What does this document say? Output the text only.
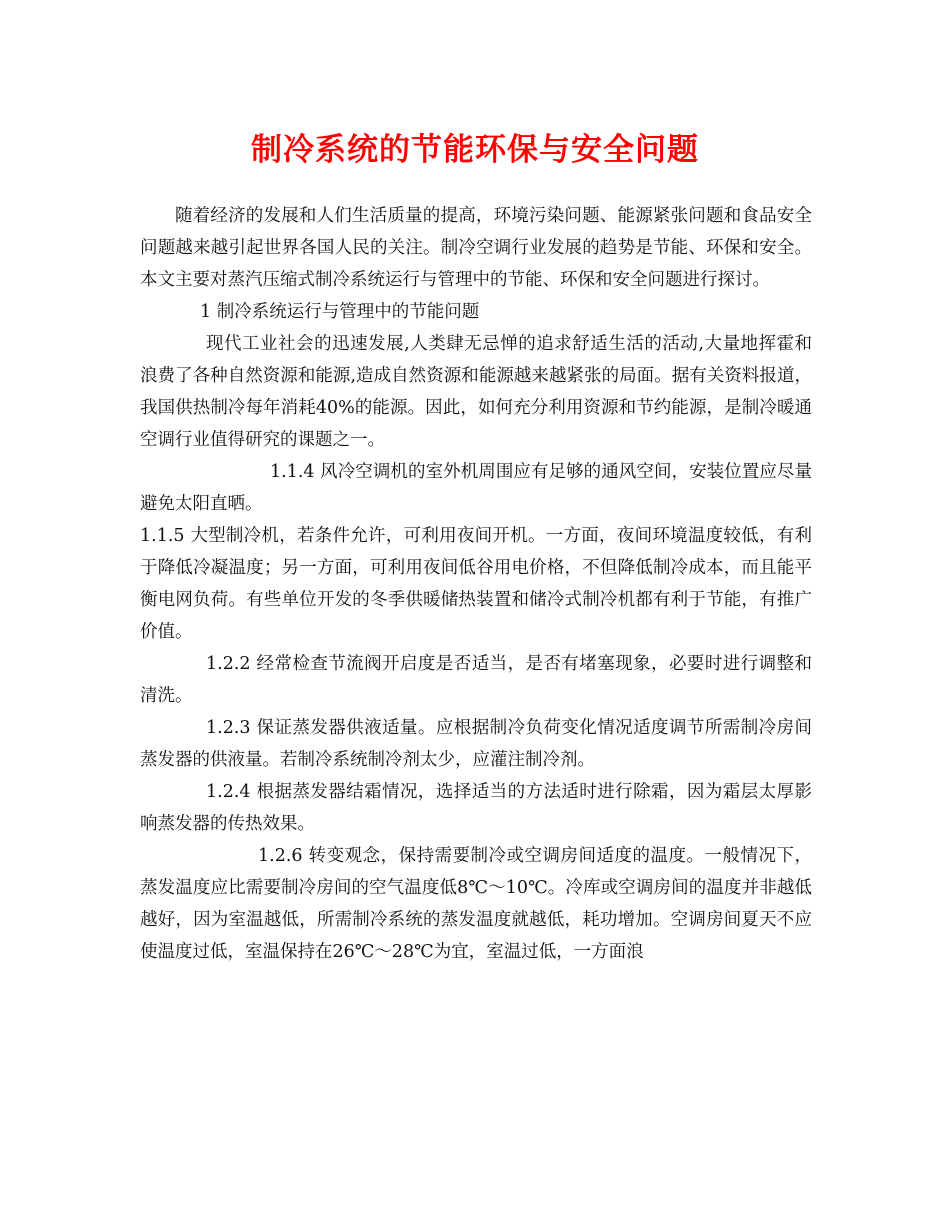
制冷系统的节能环保与安全问题

随着经济的发展和人们生活质量的提高，环境污染问题、能源紧张问题和食品安全问题越来越引起世界各国人民的关注。制冷空调行业发展的趋势是节能、环保和安全。本文主要对蒸汽压缩式制冷系统运行与管理中的节能、环保和安全问题进行探讨。

1 制冷系统运行与管理中的节能问题

现代工业社会的迅速发展,人类肆无忌惮的追求舒适生活的活动,大量地挥霍和浪费了各种自然资源和能源,造成自然资源和能源越来越紧张的局面。据有关资料报道，我国供热制冷每年消耗40%的能源。因此，如何充分利用资源和节约能源，是制冷暖通空调行业值得研究的课题之一。

1.1.4 风冷空调机的室外机周围应有足够的通风空间，安装位置应尽量避免太阳直晒。

1.1.5 大型制冷机，若条件允许，可利用夜间开机。一方面，夜间环境温度较低，有利于降低冷凝温度；另一方面，可利用夜间低谷用电价格，不但降低制冷成本，而且能平衡电网负荷。有些单位开发的冬季供暖储热装置和储冷式制冷机都有利于节能，有推广价值。

1.2.2 经常检查节流阀开启度是否适当，是否有堵塞现象，必要时进行调整和清洗。

1.2.3 保证蒸发器供液适量。应根据制冷负荷变化情况适度调节所需制冷房间蒸发器的供液量。若制冷系统制冷剂太少，应灌注制冷剂。

1.2.4 根据蒸发器结霜情况，选择适当的方法适时进行除霜，因为霜层太厚影响蒸发器的传热效果。

1.2.6 转变观念，保持需要制冷或空调房间适度的温度。一般情况下，蒸发温度应比需要制冷房间的空气温度低8℃～10℃。冷库或空调房间的温度并非越低越好，因为室温越低，所需制冷系统的蒸发温度就越低，耗功增加。空调房间夏天不应使温度过低，室温保持在26℃～28℃为宜，室温过低，一方面浪
